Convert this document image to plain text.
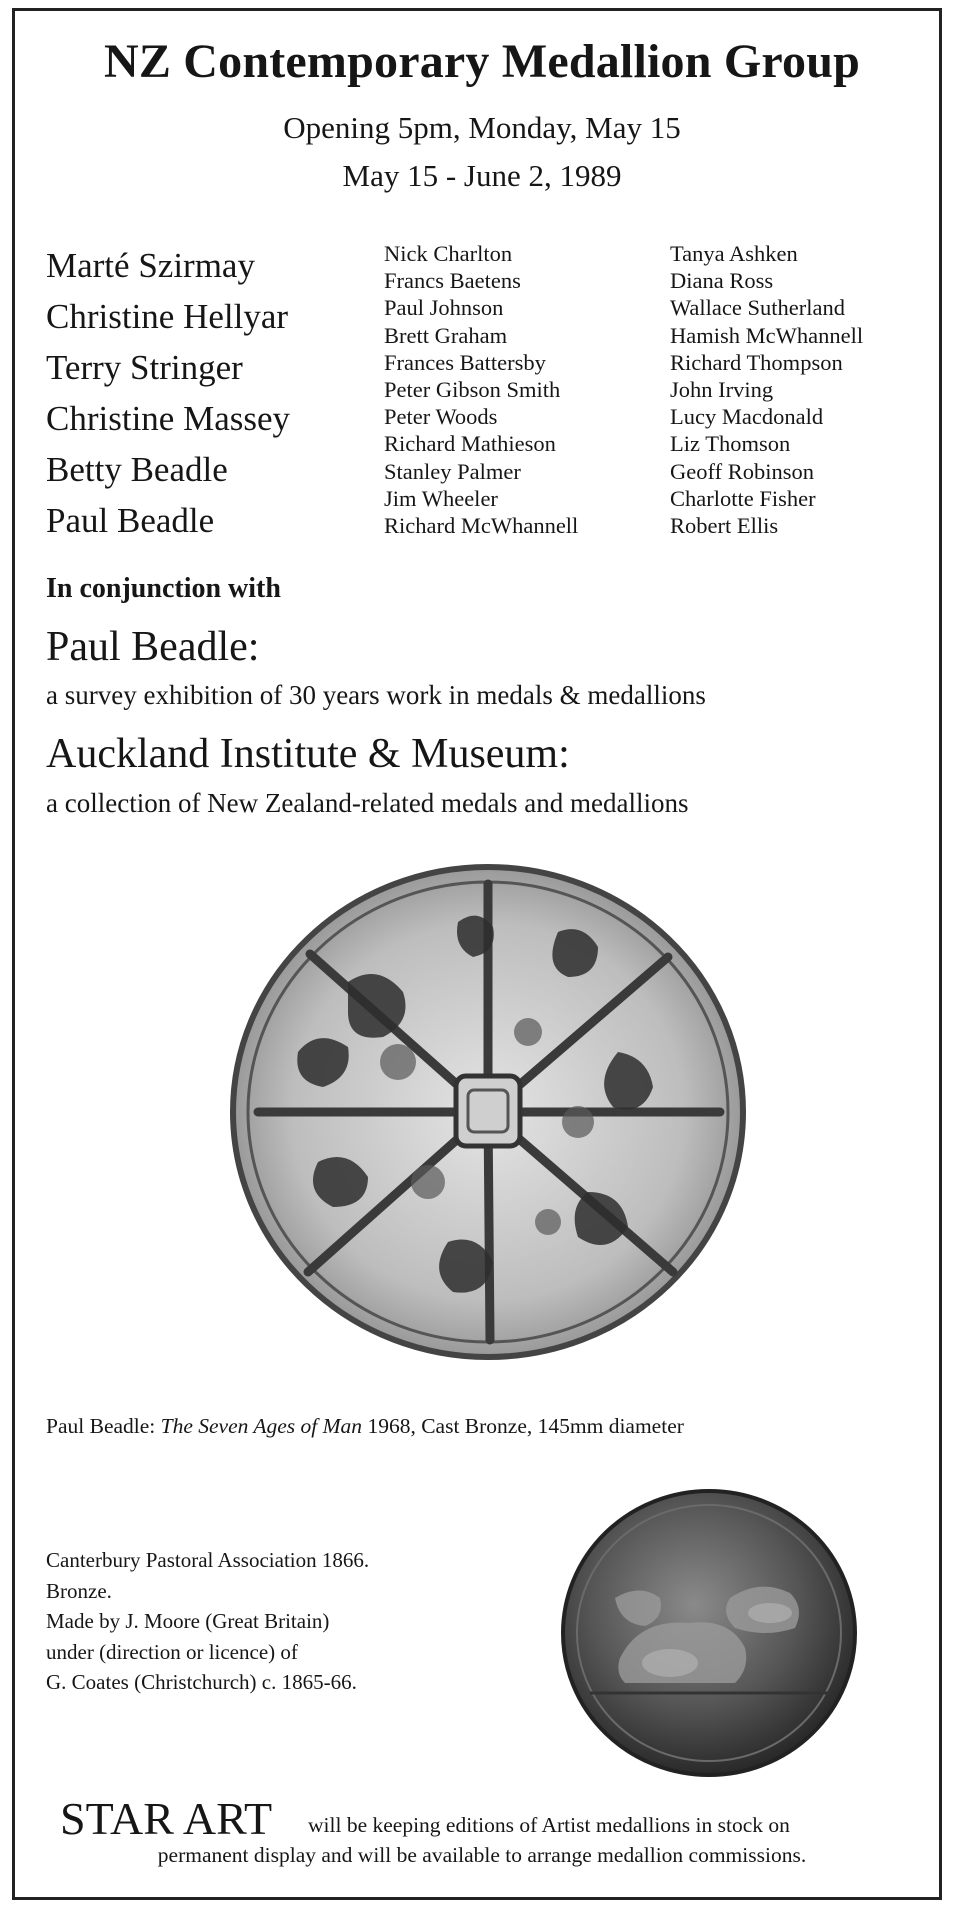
NZ Contemporary Medallion Group
Opening 5pm, Monday, May 15
May 15 - June 2, 1989
Marté Szirmay
Christine Hellyar
Terry Stringer
Christine Massey
Betty Beadle
Paul Beadle
Nick Charlton
Francs Baetens
Paul Johnson
Brett Graham
Frances Battersby
Peter Gibson Smith
Peter Woods
Richard Mathieson
Stanley Palmer
Jim Wheeler
Richard McWhannell
Tanya Ashken
Diana Ross
Wallace Sutherland
Hamish McWhannell
Richard Thompson
John Irving
Lucy Macdonald
Liz Thomson
Geoff Robinson
Charlotte Fisher
Robert Ellis
In conjunction with
Paul Beadle:
a survey exhibition of 30 years work in medals & medallions
Auckland Institute & Museum:
a collection of New Zealand-related medals and medallions
Paul Beadle: The Seven Ages of Man 1968, Cast Bronze, 145mm diameter
Canterbury Pastoral Association 1866.
Bronze.
Made by J. Moore (Great Britain)
under (direction or licence) of
G. Coates (Christchurch) c. 1865-66.
STAR ART will be keeping editions of Artist medallions in stock on
permanent display and will be available to arrange medallion commissions.
